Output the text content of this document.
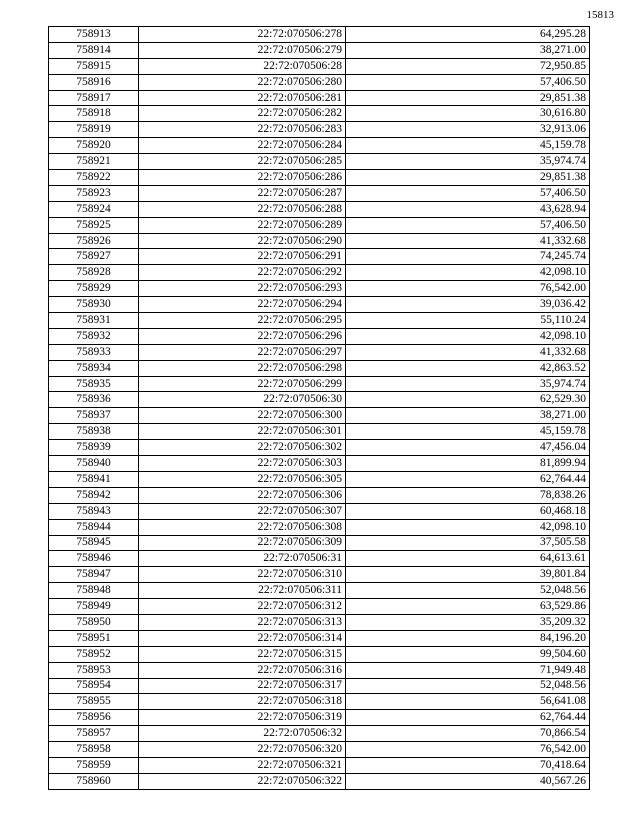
15813
758913	22:72:070506:278	64,295.28
758914	22:72:070506:279	38,271.00
758915	22:72:070506:28	72,950.85
758916	22:72:070506:280	57,406.50
758917	22:72:070506:281	29,851.38
758918	22:72:070506:282	30,616.80
758919	22:72:070506:283	32,913.06
758920	22:72:070506:284	45,159.78
758921	22:72:070506:285	35,974.74
758922	22:72:070506:286	29,851.38
758923	22:72:070506:287	57,406.50
758924	22:72:070506:288	43,628.94
758925	22:72:070506:289	57,406.50
758926	22:72:070506:290	41,332.68
758927	22:72:070506:291	74,245.74
758928	22:72:070506:292	42,098.10
758929	22:72:070506:293	76,542.00
758930	22:72:070506:294	39,036.42
758931	22:72:070506:295	55,110.24
758932	22:72:070506:296	42,098.10
758933	22:72:070506:297	41,332.68
758934	22:72:070506:298	42,863.52
758935	22:72:070506:299	35,974.74
758936	22:72:070506:30	62,529.30
758937	22:72:070506:300	38,271.00
758938	22:72:070506:301	45,159.78
758939	22:72:070506:302	47,456.04
758940	22:72:070506:303	81,899.94
758941	22:72:070506:305	62,764.44
758942	22:72:070506:306	78,838.26
758943	22:72:070506:307	60,468.18
758944	22:72:070506:308	42,098.10
758945	22:72:070506:309	37,505.58
758946	22:72:070506:31	64,613.61
758947	22:72:070506:310	39,801.84
758948	22:72:070506:311	52,048.56
758949	22:72:070506:312	63,529.86
758950	22:72:070506:313	35,209.32
758951	22:72:070506:314	84,196.20
758952	22:72:070506:315	99,504.60
758953	22:72:070506:316	71,949.48
758954	22:72:070506:317	52,048.56
758955	22:72:070506:318	56,641.08
758956	22:72:070506:319	62,764.44
758957	22:72:070506:32	70,866.54
758958	22:72:070506:320	76,542.00
758959	22:72:070506:321	70,418.64
758960	22:72:070506:322	40,567.26
